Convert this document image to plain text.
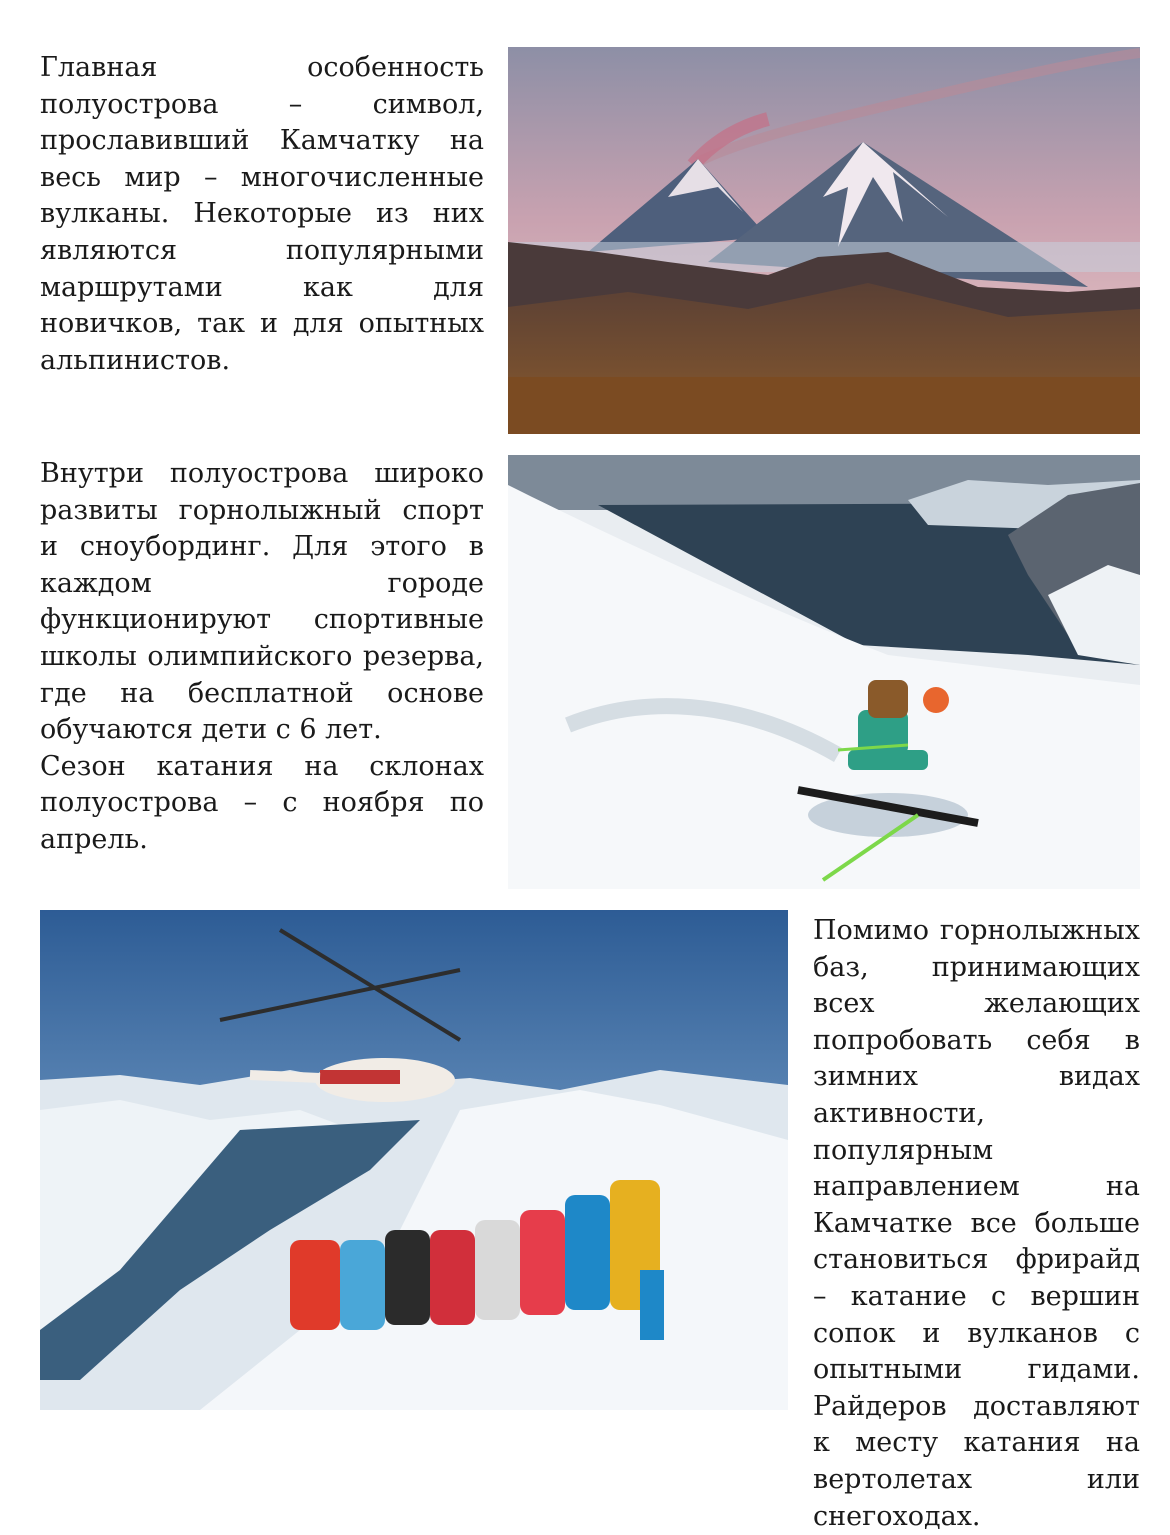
Главная особенность полуострова – символ, прославивший Камчатку на весь мир – многочисленные вулканы. Некоторые из них являются популярными маршрутами как для новичков, так и для опытных альпинистов.

Внутри полуострова широко развиты горнолыжный спорт и сноубординг. Для этого в каждом городе функционируют спортивные школы олимпийского резерва, где на бесплатной основе обучаются дети с 6 лет.

Сезон катания на склонах полуострова – с ноября по апрель.

Помимо горнолыжных баз, принимающих всех желающих попробовать себя в зимних видах активности, популярным направлением на Камчатке все больше становиться фрирайд – катание с вершин сопок и вулканов с опытными гидами. Райдеров доставляют к месту катания на вертолетах или снегоходах.
